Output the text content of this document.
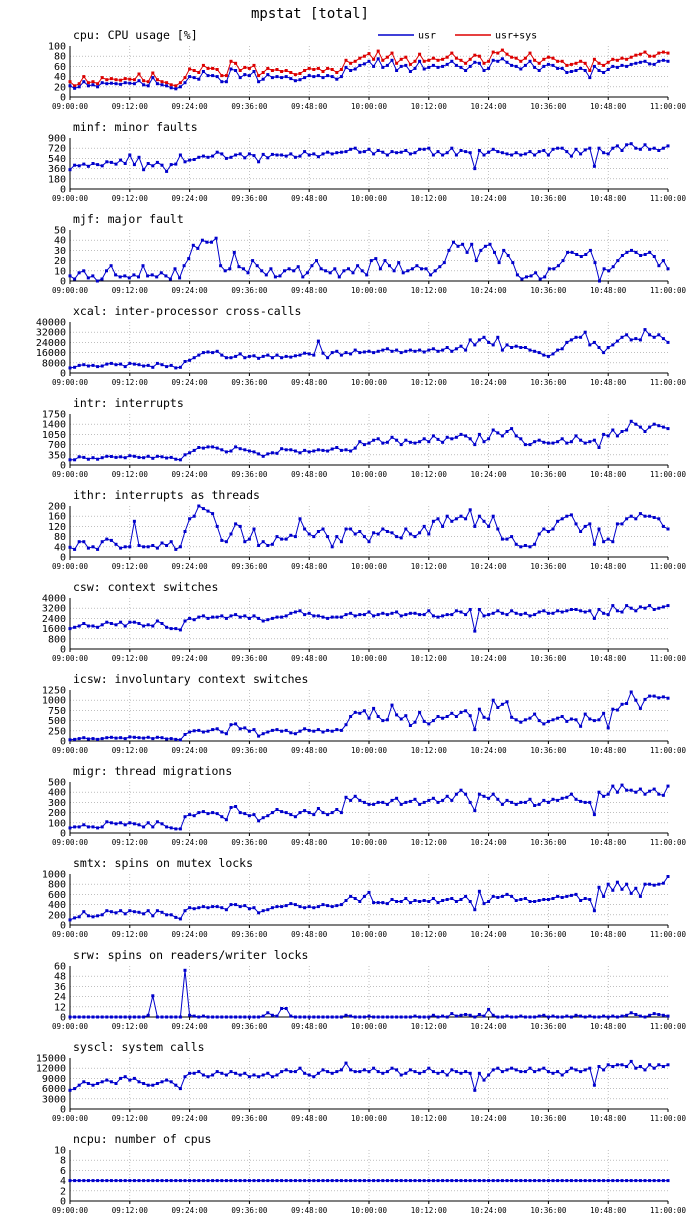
mpstat [total]
cpu: CPU usage [%]
0
20
40
60
80
100
09:00:00	09:12:00	09:24:00	09:36:00	09:48:00	10:00:00	10:12:00	10:24:00	10:36:00	10:48:00	11:00:00
usr	usr+sys
minf: minor faults
0
180
360
540
720
900
09:00:00	09:12:00	09:24:00	09:36:00	09:48:00	10:00:00	10:12:00	10:24:00	10:36:00	10:48:00	11:00:00
mjf: major fault
0
10
20
30
40
50
09:00:00	09:12:00	09:24:00	09:36:00	09:48:00	10:00:00	10:12:00	10:24:00	10:36:00	10:48:00	11:00:00
xcal: inter-processor cross-calls
0
8000
16000
24000
32000
40000
09:00:00	09:12:00	09:24:00	09:36:00	09:48:00	10:00:00	10:12:00	10:24:00	10:36:00	10:48:00	11:00:00
intr: interrupts
0
350
700
1050
1400
1750
09:00:00	09:12:00	09:24:00	09:36:00	09:48:00	10:00:00	10:12:00	10:24:00	10:36:00	10:48:00	11:00:00
ithr: interrupts as threads
0
40
80
120
160
200
09:00:00	09:12:00	09:24:00	09:36:00	09:48:00	10:00:00	10:12:00	10:24:00	10:36:00	10:48:00	11:00:00
csw: context switches
0
800
1600
2400
3200
4000
09:00:00	09:12:00	09:24:00	09:36:00	09:48:00	10:00:00	10:12:00	10:24:00	10:36:00	10:48:00	11:00:00
icsw: involuntary context switches
0
250
500
750
1000
1250
09:00:00	09:12:00	09:24:00	09:36:00	09:48:00	10:00:00	10:12:00	10:24:00	10:36:00	10:48:00	11:00:00
migr: thread migrations
0
100
200
300
400
500
09:00:00	09:12:00	09:24:00	09:36:00	09:48:00	10:00:00	10:12:00	10:24:00	10:36:00	10:48:00	11:00:00
smtx: spins on mutex locks
0
200
400
600
800
1000
09:00:00	09:12:00	09:24:00	09:36:00	09:48:00	10:00:00	10:12:00	10:24:00	10:36:00	10:48:00	11:00:00
srw: spins on readers/writer locks
0
12
24
36
48
60
09:00:00	09:12:00	09:24:00	09:36:00	09:48:00	10:00:00	10:12:00	10:24:00	10:36:00	10:48:00	11:00:00
syscl: system calls
0
3000
6000
9000
12000
15000
09:00:00	09:12:00	09:24:00	09:36:00	09:48:00	10:00:00	10:12:00	10:24:00	10:36:00	10:48:00	11:00:00
ncpu: number of cpus
0
2
4
6
8
10
09:00:00	09:12:00	09:24:00	09:36:00	09:48:00	10:00:00	10:12:00	10:24:00	10:36:00	10:48:00	11:00:00
